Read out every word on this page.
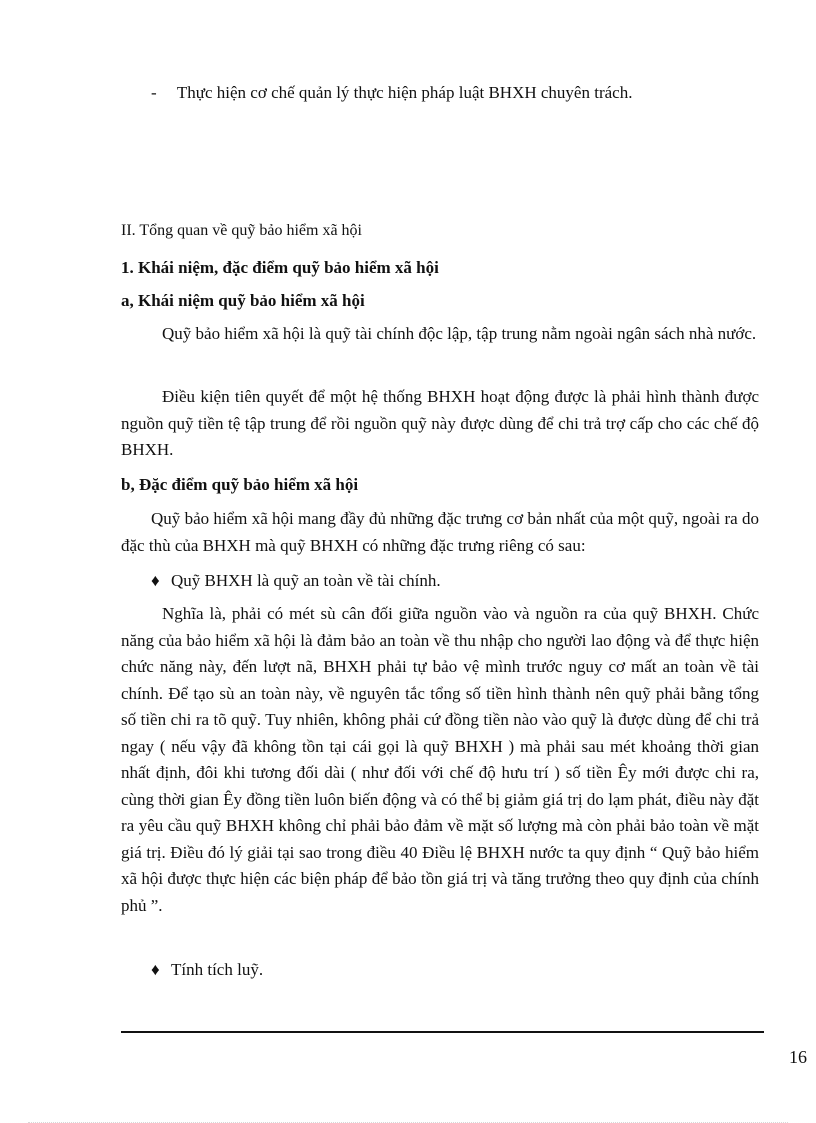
- Thực hiện cơ chế quản lý thực hiện pháp luật BHXH chuyên trách.
II. Tổng quan về quỹ bảo hiểm xã hội
1. Khái niệm, đặc điểm quỹ bảo hiểm xã hội
a, Khái niệm quỹ bảo hiểm xã hội
Quỹ bảo hiểm xã hội là quỹ tài chính độc lập, tập trung nằm ngoài ngân sách nhà nước.
Điều kiện tiên quyết để một hệ thống BHXH hoạt động được là phải hình thành được nguồn quỹ tiền tệ tập trung để rồi nguồn quỹ này được dùng để chi trả trợ cấp cho các chế độ BHXH.
b, Đặc điểm quỹ bảo hiểm xã hội
Quỹ bảo hiểm xã hội mang đầy đủ những đặc trưng cơ bản nhất của một quỹ, ngoài ra do đặc thù của BHXH mà quỹ BHXH có những đặc trưng riêng có sau:
♦ Quỹ BHXH là quỹ an toàn về tài chính.
Nghĩa là, phải có mét sù cân đối giữa nguồn vào và nguồn ra của quỹ BHXH. Chức năng của bảo hiểm xã hội là đảm bảo an toàn về thu nhập cho người lao động và để thực hiện chức năng này, đến lượt nã, BHXH phải tự bảo vệ mình trước nguy cơ mất an toàn về tài chính. Để tạo sù an toàn này, về nguyên tắc tổng số tiền hình thành nên quỹ phải bằng tổng số tiền chi ra tõ quỹ. Tuy nhiên, không phải cứ đồng tiền nào vào quỹ là được dùng để chi trả ngay ( nếu vậy đã không tồn tại cái gọi là quỹ BHXH ) mà phải sau mét khoảng thời gian nhất định, đôi khi tương đối dài ( như đối với chế độ hưu trí ) số tiền Êy mới được chi ra, cùng thời gian Êy đồng tiền luôn biến động và có thể bị giảm giá trị do lạm phát, điều này đặt ra yêu cầu quỹ BHXH không chỉ phải bảo đảm về mặt số lượng mà còn phải bảo toàn về mặt giá trị. Điều đó lý giải tại sao trong điều 40 Điều lệ BHXH nước ta quy định “ Quỹ bảo hiểm xã hội được thực hiện các biện pháp để bảo tồn giá trị và tăng trưởng theo quy định của chính phủ ”.
♦ Tính tích luỹ.
16
